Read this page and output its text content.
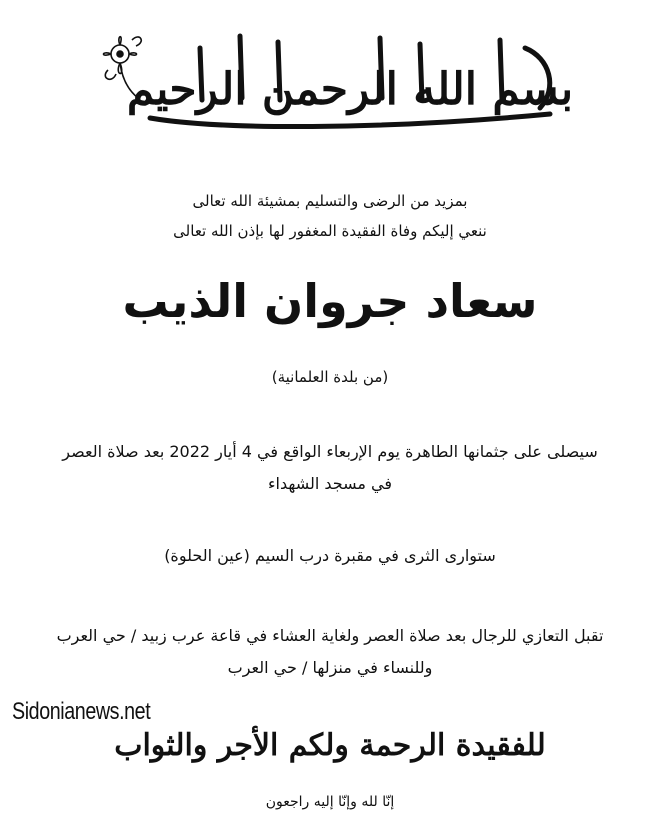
بسم الله الرحمن الرحيم
بمزيد من الرضى والتسليم بمشيئة الله تعالى
ننعي إليكم وفاة الفقيدة المغفور لها بإذن الله تعالى
سعاد جروان الذيب
(من بلدة العلمانية)
سيصلى على جثمانها الطاهرة يوم الإربعاء الواقع في 4 أيار 2022 بعد صلاة العصر
في مسجد الشهداء
ستوارى الثرى في مقبرة درب السيم (عين الحلوة)
تقبل التعازي للرجال بعد صلاة العصر ولغاية العشاء في قاعة عرب زبيد / حي العرب
وللنساء في منزلها / حي العرب
Sidonianews.net
للفقيدة الرحمة ولكم الأجر والثواب
إنّا لله وإنّا إليه راجعون
